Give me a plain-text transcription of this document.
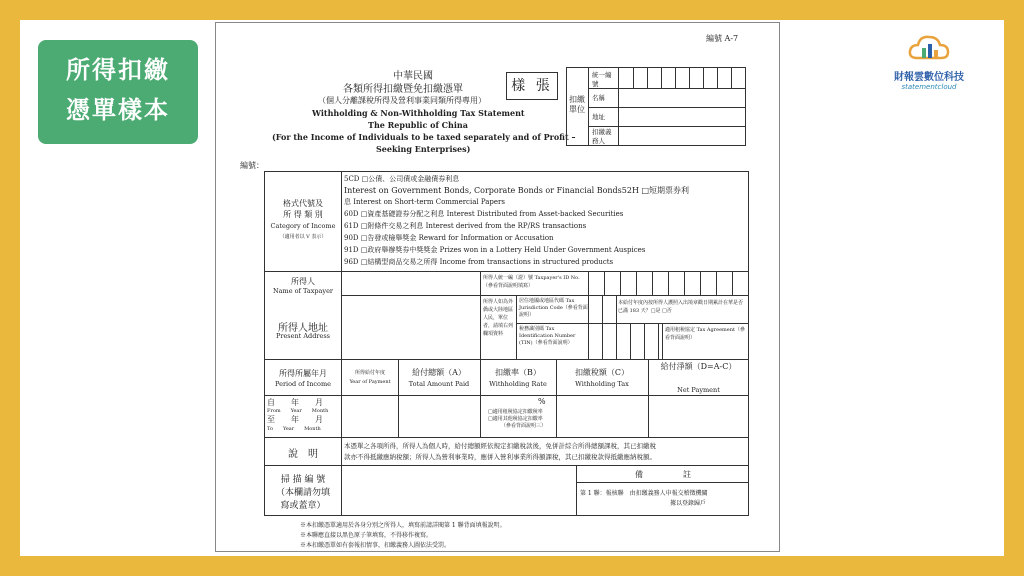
所得扣繳
憑單樣本
財報雲數位科技
statementcloud
編號 A-7
中華民國
各類所得扣繳暨免扣繳憑單
（個人分離課稅所得及營利事業同類所得專用）
Withholding & Non-Withholding Tax Statement
The Republic of China
(For the Income of Individuals to be taxed separately and of Profit –
Seeking Enterprises)
樣 張
扣繳單位
統一編號
名稱
地址
扣繳義務人
編號：
格式代號及
所 得 類 別
Category of Income
（適用者以 V 表示）
5CD □公債、公司債或金融債券利息
Interest on Government Bonds, Corporate Bonds or Financial Bonds52H □短期票券利
息 Interest on Short-term Commercial Papers
60D □資產基礎證券分配之利息 Interest Distributed from Asset-backed Securities
61D □附條件交易之利息 Interest derived from the RP/RS transactions
90D □告發或檢舉獎金 Reward for Information or Accusation
91D □政府舉辦獎券中獎獎金 Prizes won in a Lottery Held Under Government Auspices
96D □結構型商品交易之所得 Income from transactions in structured products
所得人
Name of Taxpayer
所得人統一編（證）號 Taxpayer's ID No.（參看背面說明填寫）
所得人地址
Present Address
所得人如為外僑或大陸地區人民，單位者，請填右列欄項資料
居住地國或地區代碼 Tax Jurisdiction Code（參看背面說明）
本給付年度內按所得人護照入出境章戳日期累計在華是否已滿 183 天？□是 □否
稅務識別碼 Tax Identification Number (TIN)（參看背面說明）
適用租稅協定 Tax Agreement（參看背面說明）
所得所屬年月
Period of Income
所得給付年度
Year of Payment
給付總額（A）
Total Amount Paid
扣繳率（B）
Withholding Rate
扣繳稅額（C）
Withholding Tax
給付淨額（D=A-C）
Net Payment
自　　年　　月
From　　Year　　Month
至　　年　　月
To　　Year　　Month
%
□適用租稅協定扣繳稅率
□適用其他稅協定扣繳率
（參看背面說明三）
說　明
本憑單之各項所得，所得人為個人時，給付總額經依規定扣繳稅款後，免併計綜合所得總額課稅，其已扣繳稅
款亦不得抵繳應納稅額；所得人為營利事業時，應併入營利事業所得額課稅，其已扣繳稅款得抵繳應納稅額。
掃 描 編 號
（本欄請勿填
寫或蓋章）
備　　　　　註
第 1 聯：報核聯　由扣繳義務人申報交稽徵機關
據以登錄歸戶
※本扣繳憑單適用於各身分別之所得人，填寫前請詳閱第 1 聯背面填報說明。
※本聯應直接以黑色原子筆填寫，不得移作複寫。
※本扣繳憑單如有套報扣情事，扣繳義務人圖依法受罰。
